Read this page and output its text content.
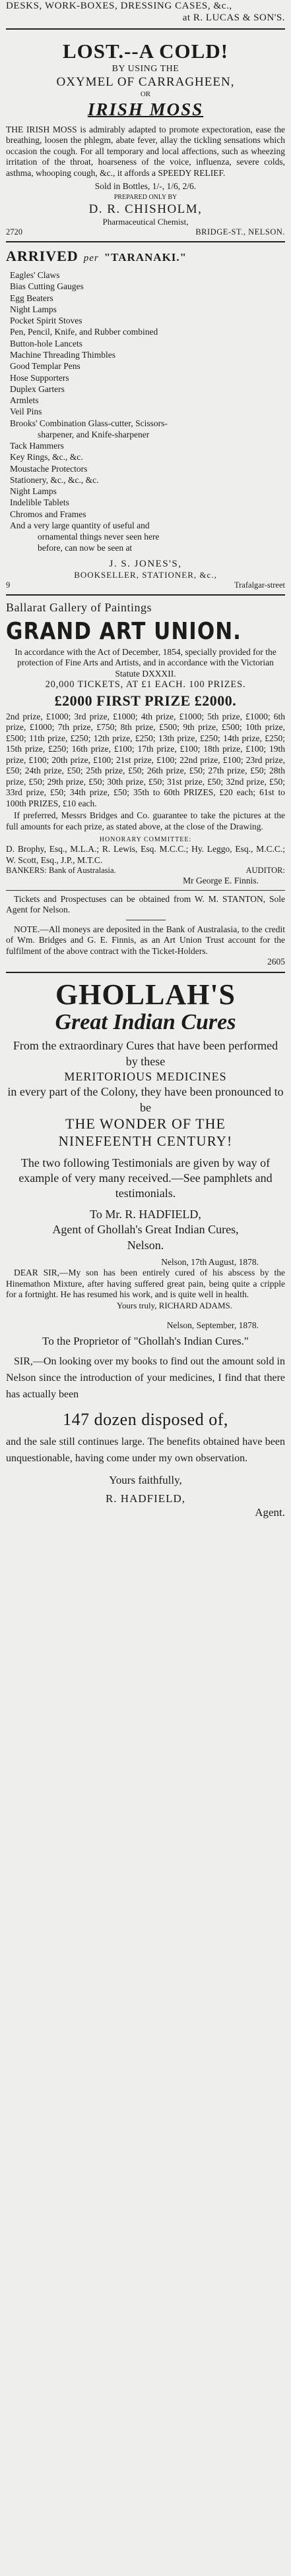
DESKS, WORK-BOXES, DRESSING CASES, &c.,

at R. LUCAS & SON'S.

LOST.--A COLD!

BY USING THE

OXYMEL OF CARRAGHEEN,

OR

IRISH MOSS

THE IRISH MOSS is admirably adapted to promote expectoration, ease the breathing, loosen the phlegm, abate fever, allay the tickling sensations which occasion the cough. For all temporary and local affections, such as wheezing irritation of the throat, hoarseness of the voice, influenza, severe colds, asthma, whooping cough, &c., it affords a SPEEDY RELIEF.

Sold in Bottles, 1/-, 1/6, 2/6.

PREPARED ONLY BY

D. R. CHISHOLM,

Pharmaceutical Chemist,

2720	BRIDGE-ST., NELSON.
ARRIVED per "TARANAKI."
Eagles' Claws
Bias Cutting Gauges
Egg Beaters
Night Lamps
Pocket Spirit Stoves
Pen, Pencil, Knife, and Rubber combined
Button-hole Lancets
Machine Threading Thimbles
Good Templar Pens
Hose Supporters
Duplex Garters
Armlets
Veil Pins
Brooks' Combination Glass-cutter, Scissors-
sharpener, and Knife-sharpener
Tack Hammers
Key Rings, &c., &c.
Moustache Protectors
Stationery, &c., &c., &c.
Night Lamps
Indelible Tablets
Chromos and Frames
And a very large quantity of useful and
ornamental things never seen here
before, can now be seen at

J. S. JONES'S,

BOOKSELLER, STATIONER, &c.,

9	Trafalgar-street

Ballarat Gallery of Paintings

GRAND ART UNION.

In accordance with the Act of December, 1854, specially provided for the protection of Fine Arts and Artists, and in accordance with the Victorian Statute DXXXII.

20,000 TICKETS, AT £1 EACH. 100 PRIZES.

£2000 FIRST PRIZE £2000.

2nd prize, £1000; 3rd prize, £1000; 4th prize, £1000; 5th prize, £1000; 6th prize, £1000; 7th prize, £750; 8th prize, £500; 9th prize, £500; 10th prize, £500; 11th prize, £250; 12th prize, £250; 13th prize, £250; 14th prize, £250; 15th prize, £250; 16th prize, £100; 17th prize, £100; 18th prize, £100; 19th prize, £100; 20th prize, £100; 21st prize, £100; 22nd prize, £100; 23rd prize, £50; 24th prize, £50; 25th prize, £50; 26th prize, £50; 27th prize, £50; 28th prize, £50; 29th prize, £50; 30th prize, £50; 31st prize, £50; 32nd prize, £50; 33rd prize, £50; 34th prize, £50; 35th to 60th PRIZES, £20 each; 61st to 100th PRIZES, £10 each.

If preferred, Messrs Bridges and Co. guarantee to take the pictures at the full amounts for each prize, as stated above, at the close of the Drawing.

HONORARY COMMITTEE:

D. Brophy, Esq., M.L.A.; R. Lewis, Esq. M.C.C.; Hy. Leggo, Esq., M.C.C.; W. Scott, Esq., J.P., M.T.C.

BANKERS: Bank of Australasia.	AUDITOR:

Mr George E. Finnis.

Tickets and Prospectuses can be obtained from W. M. STANTON, Sole Agent for Nelson.

NOTE.—All moneys are deposited in the Bank of Australasia, to the credit of Wm. Bridges and G. E. Finnis, as an Art Union Trust account for the fulfilment of the above contract with the Ticket-Holders.

2605

GHOLLAH'S

Great Indian Cures

From the extraordinary Cures that have been performed by these

MERITORIOUS MEDICINES

in every part of the Colony, they have been pronounced to be

THE WONDER OF THE

NINEFEENTH CENTURY!

The two following Testimonials are given by way of example of very many received.—See pamphlets and testimonials.

To Mr. R. HADFIELD,

Agent of Ghollah's Great Indian Cures,

Nelson.

Nelson, 17th August, 1878.

DEAR SIR,—My son has been entirely cured of his abscess by the Hinemathon Mixture, after having suffered great pain, being quite a cripple for a fortnight. He has resumed his work, and is quite well in health.

Yours truly, RICHARD ADAMS.

Nelson, September, 1878.

To the Proprietor of "Ghollah's Indian Cures."

SIR,—On looking over my books to find out the amount sold in Nelson since the introduction of your medicines, I find that there has actually been

147 dozen disposed of,

and the sale still continues large. The benefits obtained have been unquestionable, having come under my own observation.

Yours faithfully,

R. HADFIELD,

Agent.
